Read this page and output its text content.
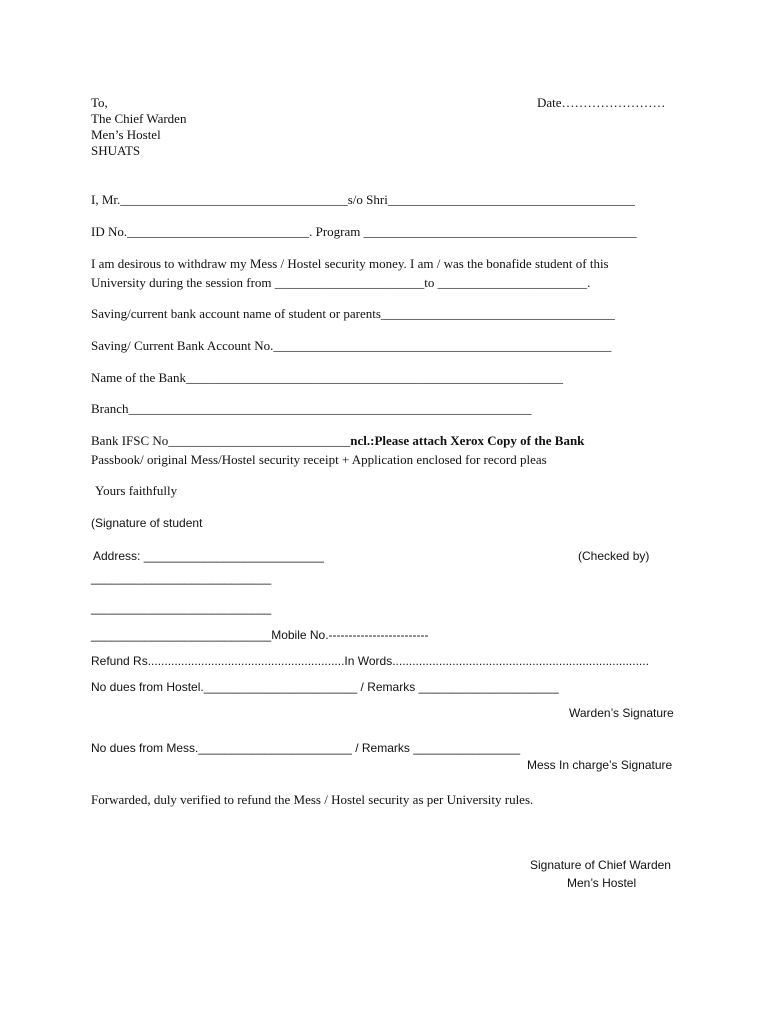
To,
The Chief Warden
Men’s Hostel
SHUATS
Date……………………
I, Mr.___________________________________s/o Shri______________________________________
ID No.____________________________. Program __________________________________________
I am desirous to withdraw my Mess / Hostel security money. I am / was the bonafide student of this
University during the session from _______________________to _______________________.
Saving/current bank account name of student or parents____________________________________
Saving/ Current Bank Account No.____________________________________________________
Name of the Bank__________________________________________________________
Branch______________________________________________________________
Bank IFSC No____________________________ncl.:Please attach Xerox Copy of the Bank
Passbook/ original Mess/Hostel security receipt + Application enclosed for record pleas
Yours faithfully
(Signature of student
Address: ___________________________	(Checked by)
___________________________
___________________________
___________________________Mobile No.-------------------------
Refund Rs...........................................................In Words.............................................................................
No dues from Hostel._______________________ / Remarks _____________________
Warden’s Signature
No dues from Mess._______________________ / Remarks ________________
Mess In charge’s Signature
Forwarded, duly verified to refund the Mess / Hostel security as per University rules.
Signature of Chief Warden
Men’s Hostel
